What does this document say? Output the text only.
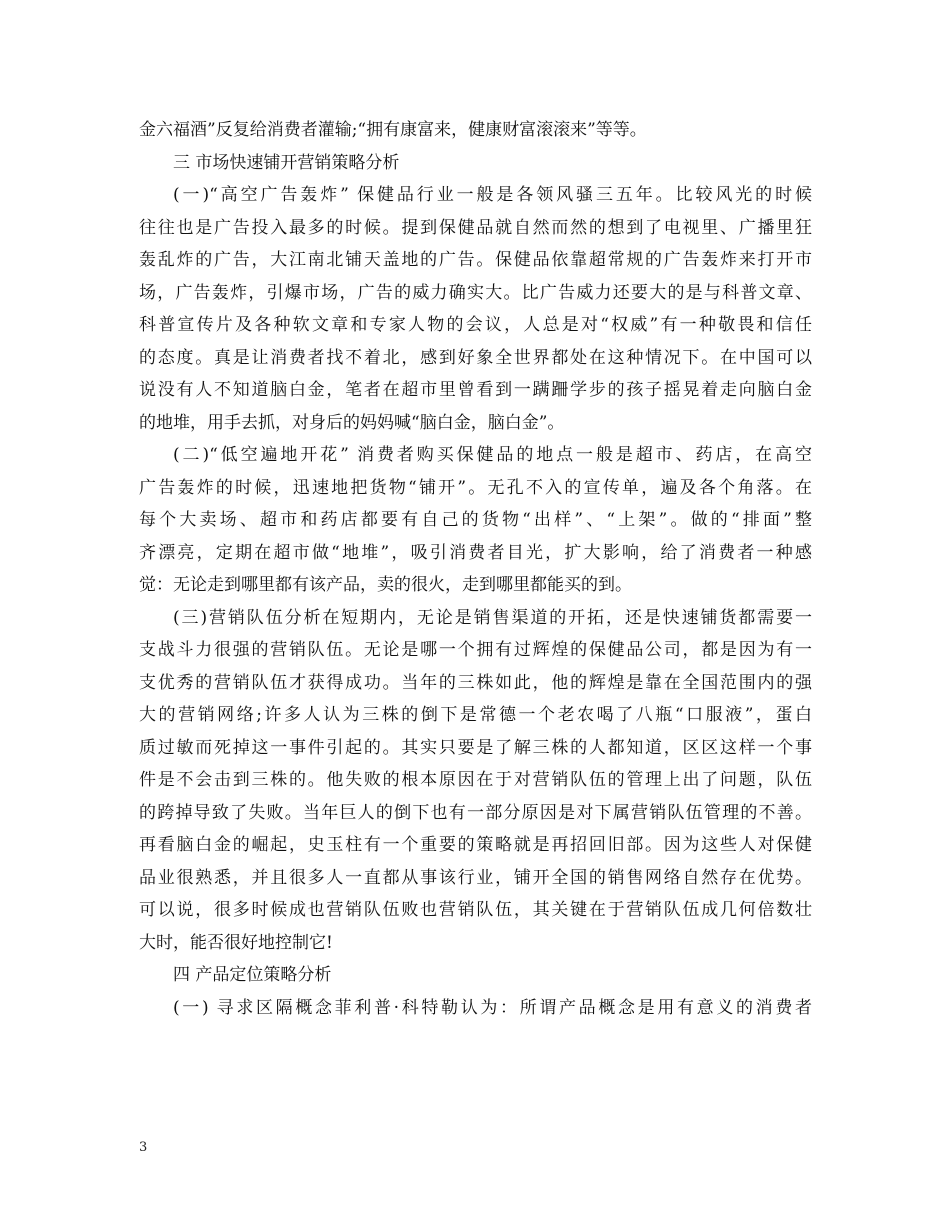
金六福酒”反复给消费者灌输;“拥有康富来，健康财富滚滚来”等等。
三 市场快速铺开营销策略分析
(一)“高空广告轰炸” 保健品行业一般是各领风骚三五年。比较风光的时候
往往也是广告投入最多的时候。提到保健品就自然而然的想到了电视里、广播里狂
轰乱炸的广告，大江南北铺天盖地的广告。保健品依靠超常规的广告轰炸来打开市
场，广告轰炸，引爆市场，广告的威力确实大。比广告威力还要大的是与科普文章、
科普宣传片及各种软文章和专家人物的会议，人总是对“权威”有一种敬畏和信任
的态度。真是让消费者找不着北，感到好象全世界都处在这种情况下。在中国可以
说没有人不知道脑白金，笔者在超市里曾看到一蹒跚学步的孩子摇晃着走向脑白金
的地堆，用手去抓，对身后的妈妈喊“脑白金，脑白金”。
(二)“低空遍地开花” 消费者购买保健品的地点一般是超市、药店，在高空
广告轰炸的时候，迅速地把货物“铺开”。无孔不入的宣传单，遍及各个角落。在
每个大卖场、超市和药店都要有自己的货物“出样”、“上架”。做的“排面”整
齐漂亮，定期在超市做“地堆”，吸引消费者目光，扩大影响，给了消费者一种感
觉：无论走到哪里都有该产品，卖的很火，走到哪里都能买的到。
(三)营销队伍分析在短期内，无论是销售渠道的开拓，还是快速铺货都需要一
支战斗力很强的营销队伍。无论是哪一个拥有过辉煌的保健品公司，都是因为有一
支优秀的营销队伍才获得成功。当年的三株如此，他的辉煌是靠在全国范围内的强
大的营销网络;许多人认为三株的倒下是常德一个老农喝了八瓶“口服液”，蛋白
质过敏而死掉这一事件引起的。其实只要是了解三株的人都知道，区区这样一个事
件是不会击到三株的。他失败的根本原因在于对营销队伍的管理上出了问题，队伍
的跨掉导致了失败。当年巨人的倒下也有一部分原因是对下属营销队伍管理的不善。
再看脑白金的崛起，史玉柱有一个重要的策略就是再招回旧部。因为这些人对保健
品业很熟悉，并且很多人一直都从事该行业，铺开全国的销售网络自然存在优势。
可以说，很多时候成也营销队伍败也营销队伍，其关键在于营销队伍成几何倍数壮
大时，能否很好地控制它!
四 产品定位策略分析
(一) 寻求区隔概念菲利普·科特勒认为：所谓产品概念是用有意义的消费者
3
